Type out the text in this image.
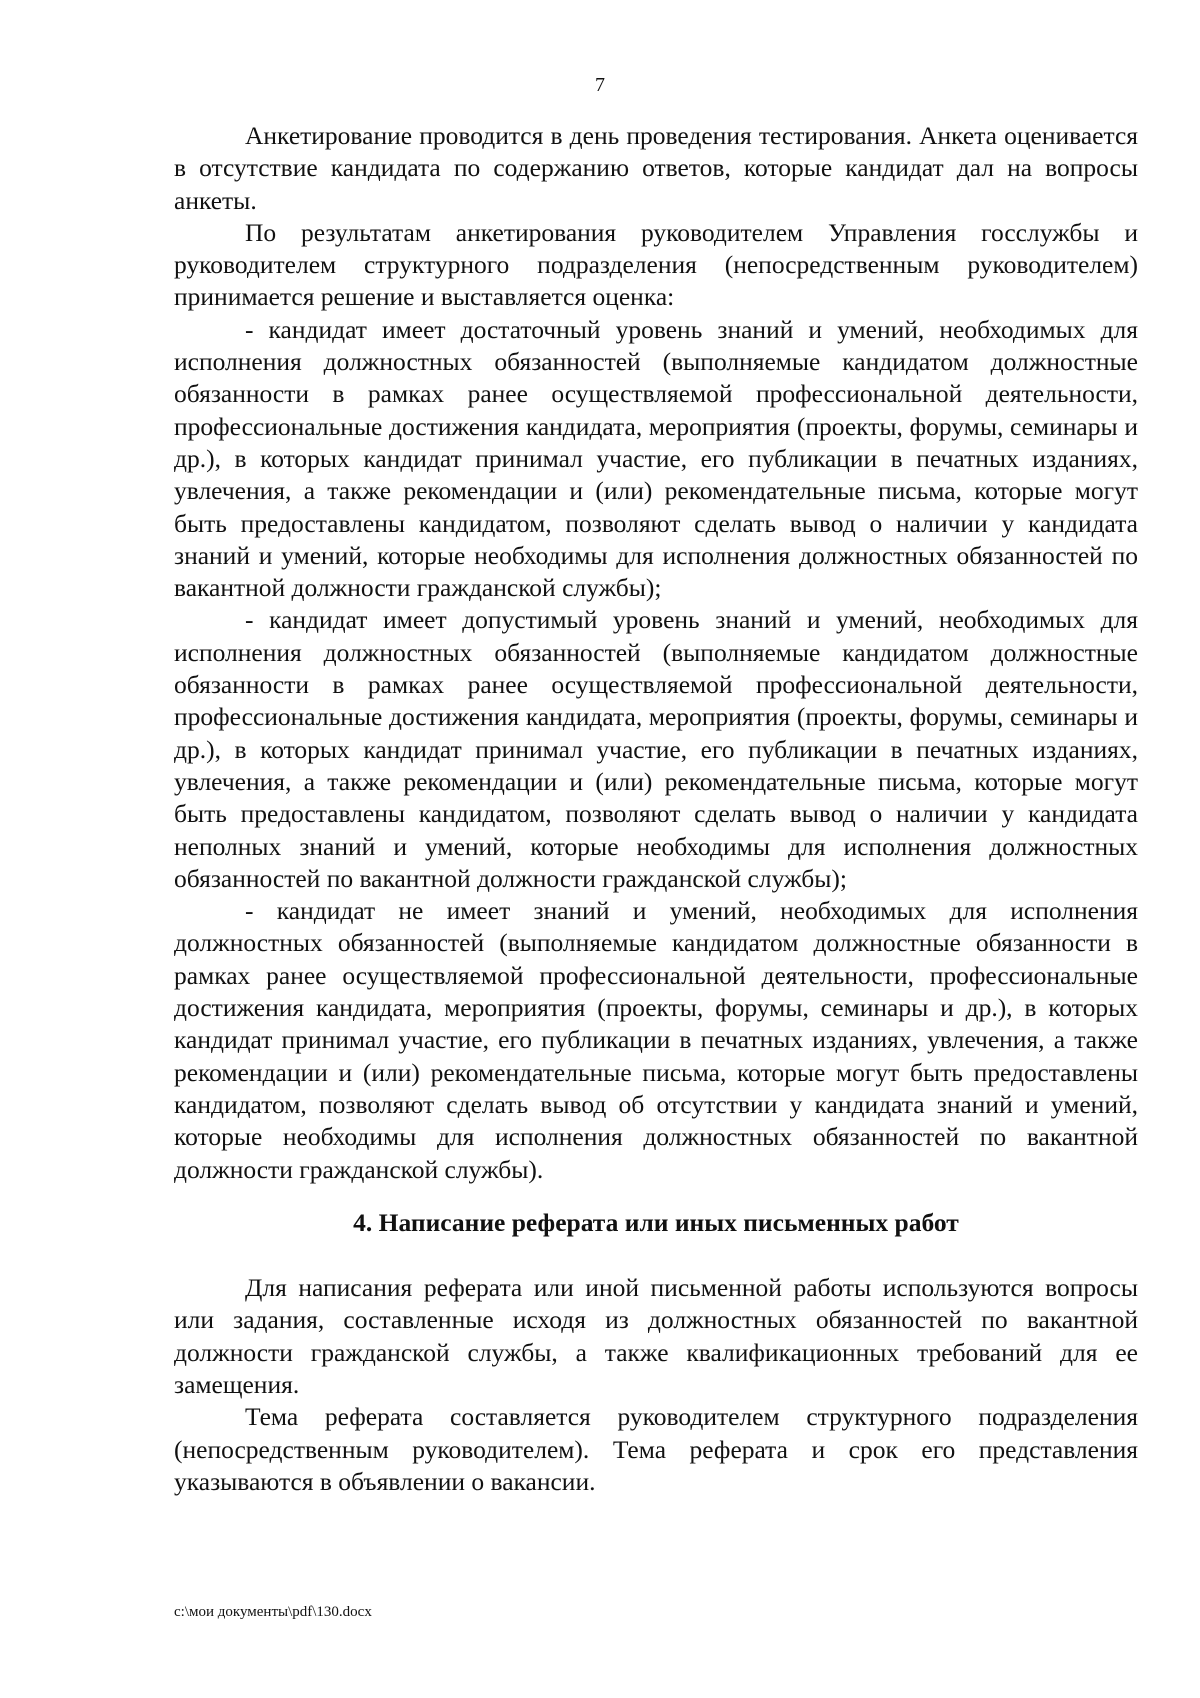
7

Анкетирование проводится в день проведения тестирования. Анкета оценивается в отсутствие кандидата по содержанию ответов, которые кандидат дал на вопросы анкеты.

По результатам анкетирования руководителем Управления госслужбы и руководителем структурного подразделения (непосредственным руководителем) принимается решение и выставляется оценка:

- кандидат имеет достаточный уровень знаний и умений, необходимых для исполнения должностных обязанностей (выполняемые кандидатом должностные обязанности в рамках ранее осуществляемой профессиональной деятельности, профессиональные достижения кандидата, мероприятия (проекты, форумы, семинары и др.), в которых кандидат принимал участие, его публикации в печатных изданиях, увлечения, а также рекомендации и (или) рекомендательные письма, которые могут быть предоставлены кандидатом, позволяют сделать вывод о наличии у кандидата знаний и умений, которые необходимы для исполнения должностных обязанностей по вакантной должности гражданской службы);

- кандидат имеет допустимый уровень знаний и умений, необходимых для исполнения должностных обязанностей (выполняемые кандидатом должностные обязанности в рамках ранее осуществляемой профессиональной деятельности, профессиональные достижения кандидата, мероприятия (проекты, форумы, семинары и др.), в которых кандидат принимал участие, его публикации в печатных изданиях, увлечения, а также рекомендации и (или) рекомендательные письма, которые могут быть предоставлены кандидатом, позволяют сделать вывод о наличии у кандидата неполных знаний и умений, которые необходимы для исполнения должностных обязанностей по вакантной должности гражданской службы);

- кандидат не имеет знаний и умений, необходимых для исполнения должностных обязанностей (выполняемые кандидатом должностные обязанности в рамках ранее осуществляемой профессиональной деятельности, профессиональные достижения кандидата, мероприятия (проекты, форумы, семинары и др.), в которых кандидат принимал участие, его публикации в печатных изданиях, увлечения, а также рекомендации и (или) рекомендательные письма, которые могут быть предоставлены кандидатом, позволяют сделать вывод об отсутствии у кандидата знаний и умений, которые необходимы для исполнения должностных обязанностей по вакантной должности гражданской службы).

4. Написание реферата или иных письменных работ

Для написания реферата или иной письменной работы используются вопросы или задания, составленные исходя из должностных обязанностей по вакантной должности гражданской службы, а также квалификационных требований для ее замещения.

Тема реферата составляется руководителем структурного подразделения (непосредственным руководителем). Тема реферата и срок его представления указываются в объявлении о вакансии.

c:\мои документы\pdf\130.docx
